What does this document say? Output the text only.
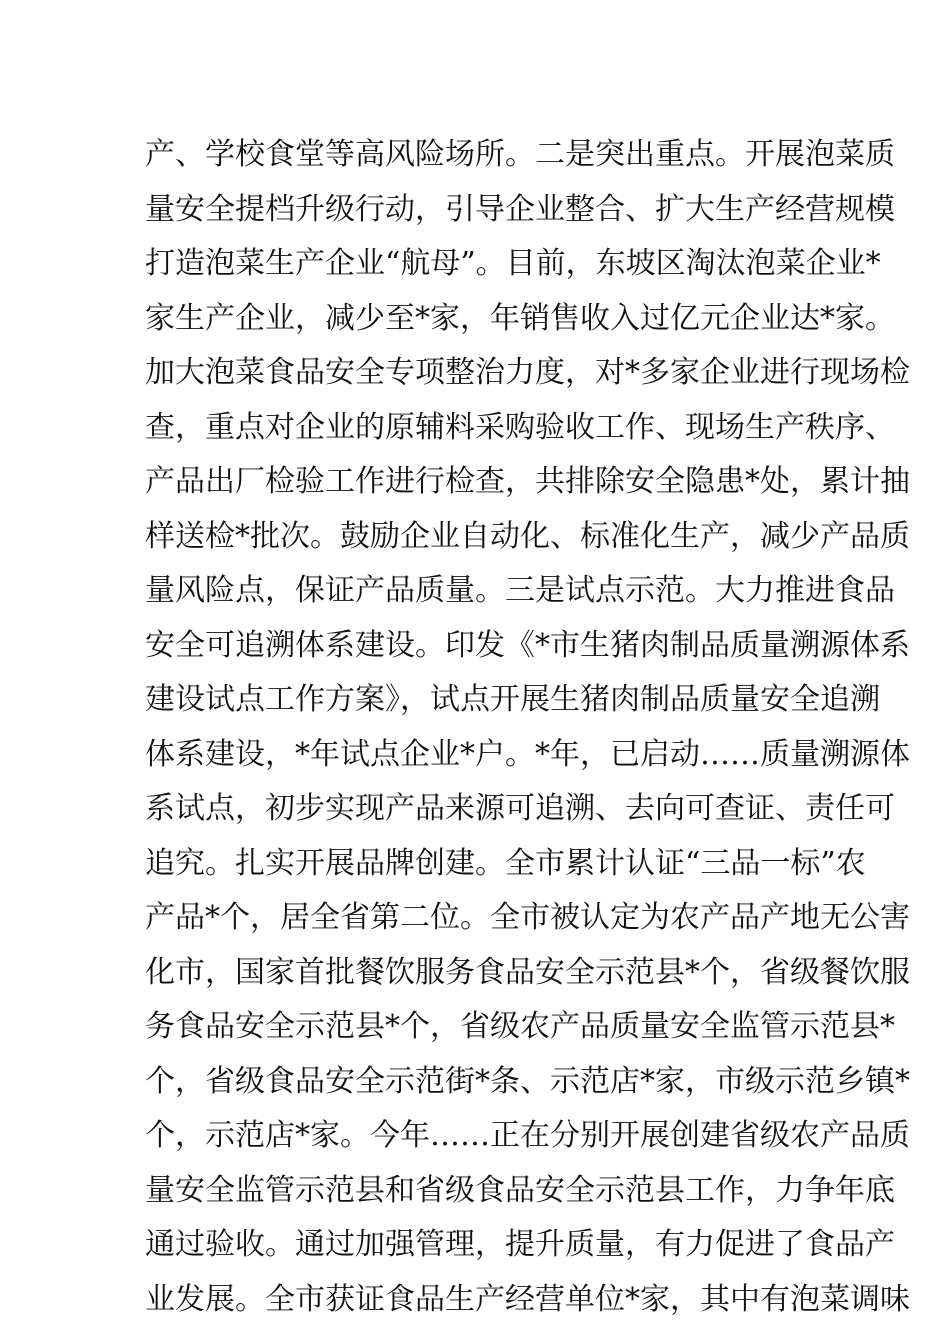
产、学校食堂等高风险场所。二是突出重点。开展泡菜质
量安全提档升级行动，引导企业整合、扩大生产经营规模
打造泡菜生产企业“航母”。目前，东坡区淘汰泡菜企业*
家生产企业，减少至*家，年销售收入过亿元企业达*家。
加大泡菜食品安全专项整治力度，对*多家企业进行现场检
查，重点对企业的原辅料采购验收工作、现场生产秩序、
产品出厂检验工作进行检查，共排除安全隐患*处，累计抽
样送检*批次。鼓励企业自动化、标准化生产，减少产品质
量风险点，保证产品质量。三是试点示范。大力推进食品
安全可追溯体系建设。印发《*市生猪肉制品质量溯源体系
建设试点工作方案》，试点开展生猪肉制品质量安全追溯
体系建设，*年试点企业*户。*年，已启动……质量溯源体
系试点，初步实现产品来源可追溯、去向可查证、责任可
追究。扎实开展品牌创建。全市累计认证“三品一标”农
产品*个，居全省第二位。全市被认定为农产品产地无公害
化市，国家首批餐饮服务食品安全示范县*个，省级餐饮服
务食品安全示范县*个，省级农产品质量安全监管示范县*
个，省级食品安全示范街*条、示范店*家，市级示范乡镇*
个，示范店*家。今年……正在分别开展创建省级农产品质
量安全监管示范县和省级食品安全示范县工作，力争年底
通过验收。通过加强管理，提升质量，有力促进了食品产
业发展。全市获证食品生产经营单位*家，其中有泡菜调味
